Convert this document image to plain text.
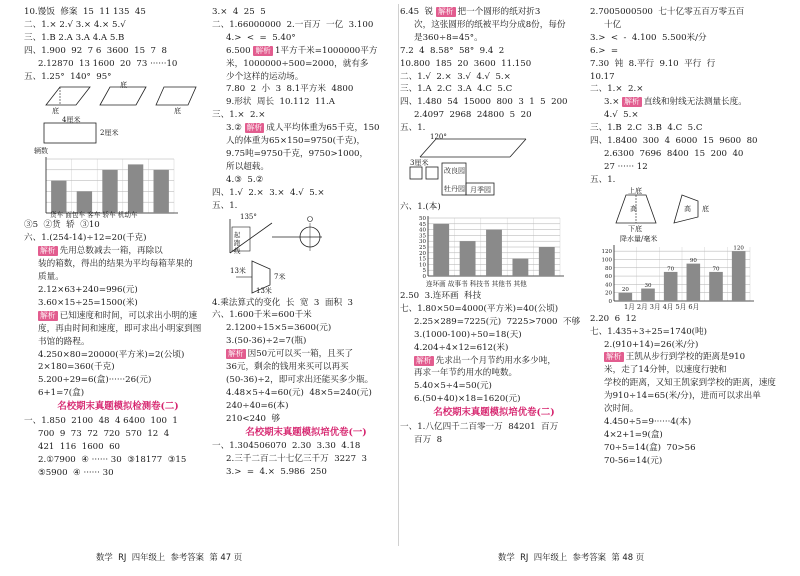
10.馒饭  修案  15  11 135  45
二、1.× 2.√ 3.× 4.× 5.√
三、1.B 2.A 3.A 4.A 5.B
四、1.900  92  7 6  3600  15  7  8
2.12870  13 1600  20  73 ······10
五、1.25°  140°  95°
底
底
底
4厘米
2厘米
辆数
货车 面包车 客车 轿车 机动车
③5  ②货  轿  ③10
六、1.(254-14)÷12=20(千克)
解析 先用总数减去一箱，再除以
装的箱数，得出的结果为平均每箱苹果的
质量。
2.12×63+240=996(元)
3.60×15÷25=1500(米)
解析 已知速度和时间，可以求出小明的速
度，再由时间和速度，即可求出小明家到图
书馆的路程。
4.250×80=20000(平方米)=2(公顷)
2×180=360(千克)
5.200÷29=6(盒)······26(元)
6+1=7(盒)
名校期末真题模拟检测卷(二)
一、1.850  2100  48  4 6400  100  1
700  9  73  72  720  570  12  4
421  116  1600  60
2.①7900  ④ ······ 30  ③18177  ③15
⑤5900  ④ ······ 30
3.×  4  25  5
二、1.66000000  2.一百万  一亿  3.100
4.>  <  =  5.40°
6.500 解析 1平方千米=1000000平方
米，1000000÷500=2000，就有多
少个这样的运动场。
7.80  2  小  3  8.1平方米  4800
9.形状  周长  10.112  11.A
三、1.×  2.×
3.② 解析 成人平均体重为65千克，150
人的体重为65×150=9750(千克)，
9.75吨=9750千克，9750>1000，
所以超载。
4.③  5.②
四、1.√  2.×  3.×  4.√  5.×
五、1.
135°
起跑线
13米
7米
13米
4.乘法算式的变化  长  宽  3  面积  3
六、1.600千米=600千米
2.1200÷15×5=3600(元)
3.(50-36)÷2=7(瓶)
解析 因50元可以买一箱，且买了
36元，剩余的钱用来买可以再买
(50-36)÷2，即可求出还能买多少瓶。
4.48×5÷4=60(元)  48×5=240(元)
240÷40=6(本)
210<240  够
名校期末真题模拟培优卷(一)
一、1.304506070  2.30  3.30  4.18
2.三千二百二十七亿三千万  3227  3
3.>  =  4.×  5.986  250
6.45  锐 解析 把一个圆形的纸对折3
次，这张圆形的纸被平均分成8份，每份
是360÷8=45°。
7.2  4  8.58°  58°  9.4  2
10.800  185  20  3600  11.150
二、1.√  2.×  3.√  4.√  5.×
三、1.A  2.C  3.A  4.C  5.C
四、1.480  54  15000  800  3  1  5  200
2.4097  2968  24800  5  20
五、1.
120°
3厘米
改良园
牡丹园 月季园
六、1.(本)
0
5
10
15
20
25
30
35
40
45
50
连环画 故事书 科技书 其他书 其他
2.50  3.连环画  科技
七、1.80×50=4000(平方米)=40(公顷)
2.25×289=7225(元)  7225>7000  不够
3.(1000-100)÷50=18(天)
4.204÷4×12=612(米)
解析 先求出一个月节约用水多少吨，
再求一年节约用水的吨数。
5.40×5÷4=50(元)
6.(50+40)×18=1620(元)
名校期末真题模拟培优卷(二)
一、1.八亿四千二百零一万  84201  百万
百万  8
2.7005000500  七十亿零五百万零五百
十亿
3.>  <  -  4.100  5.500米/分
6.>  =
7.30  钝  8.平行  9.10  平行  行
10.17
二、1.×  2.×
3.× 解析 直线和射线无法测量长度。
4.√  5.×
三、1.B  2.C  3.B  4.C  5.C
四、1.8400  300  4  6000  15  9600  80
2.6300  7696  8400  15  200  40
27 ······ 12
五、1.
上底
高
下底
高 底
降水量/毫米
0
20
40
60
80
100
120
20
30
70
90
70
120
1月 2月 3月 4月 5月 6月
2.20  6  12
七、1.435÷3÷25=1740(吨)
2.(910+14)=26(米/分)
解析 王凯从步行到学校的距离是910
米，走了14分钟，以速度行驶和
学校的距离，又知王凯家到学校的距离，速度
为910÷14=65(米/分)，进而可以求出单
次时间。
4.450÷5=9······4(本)
4×2+1=9(盒)
70÷5=14(盒)  70>56
70-56=14(元)
数学  RJ  四年级上  参考答案  第 47 页	数学  RJ  四年级上  参考答案  第 48 页
